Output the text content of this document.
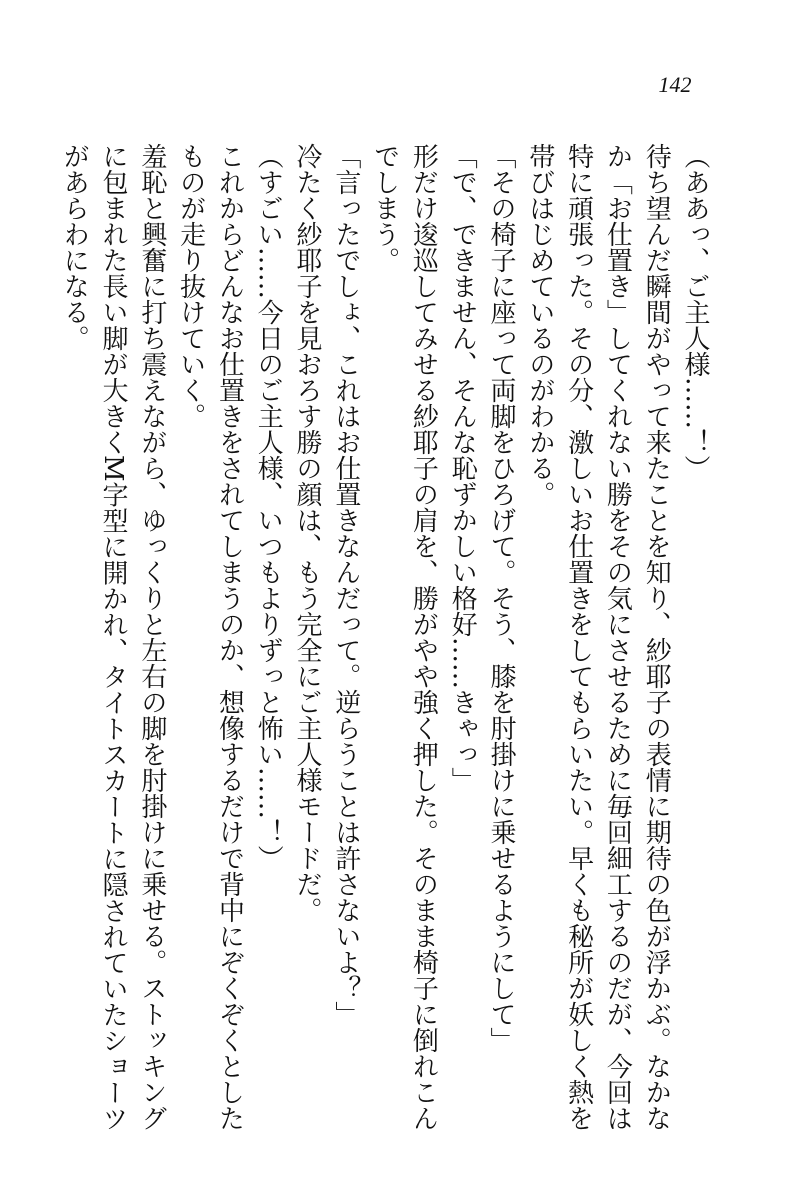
142

（ああっ、ご主人様……！）

待ち望んだ瞬間がやって来たことを知り、紗耶子の表情に期待の色が浮かぶ。なかなか「お仕置き」してくれない勝をその気にさせるために毎回細工するのだが、今回は特に頑張った。その分、激しいお仕置きをしてもらいたい。早くも秘所が妖しく熱を帯びはじめているのがわかる。

「その椅子に座って両脚をひろげて。そう、膝を肘掛けに乗せるようにして」

「で、できません、そんな恥ずかしい格好……きゃっ」

形だけ逡巡してみせる紗耶子の肩を、勝がやや強く押した。そのまま椅子に倒れこんでしまう。

「言ったでしょ、これはお仕置きなんだって。逆らうことは許さないよ？」

冷たく紗耶子を見おろす勝の顔は、もう完全にご主人様モードだ。

（すごい……今日のご主人様、いつもよりずっと怖い……！）

これからどんなお仕置きをされてしまうのか、想像するだけで背中にぞくぞくとしたものが走り抜けていく。

羞恥と興奮に打ち震えながら、ゆっくりと左右の脚を肘掛けに乗せる。ストッキングに包まれた長い脚が大きくM字型に開かれ、タイトスカートに隠されていたショーツがあらわになる。
